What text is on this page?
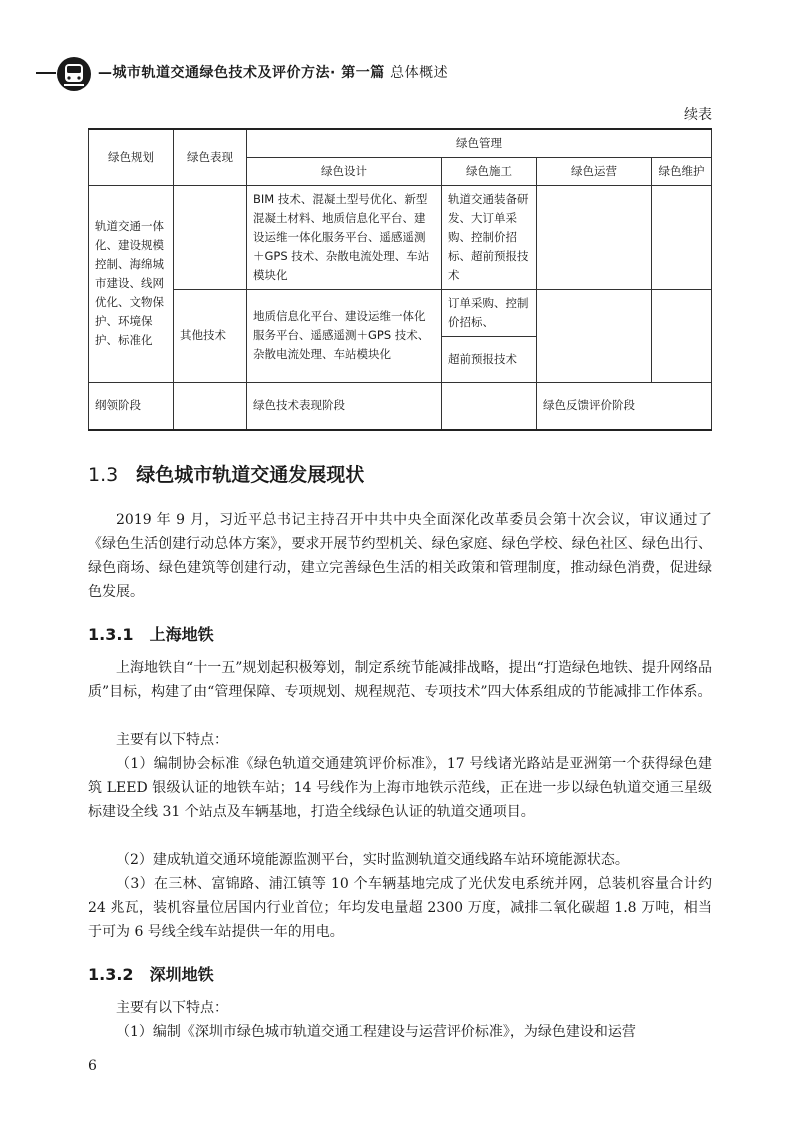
—城市轨道交通绿色技术及评价方法· 第一篇 总体概述
续表
绿色规划	绿色表现	绿色管理			
		绿色设计	绿色施工	绿色运营	绿色维护
轨道交通一体化、建设规模控制、海绵城市建设、线网优化、文物保护、环境保护、标准化		BIM 技术、混凝土型号优化、新型混凝土材料、地质信息化平台、建设运维一体化服务平台、遥感遥测＋GPS 技术、杂散电流处理、车站模块化	轨道交通装备研发、大订单采购、控制价招标、超前预报技术		
	其他技术	地质信息化平台、建设运维一体化服务平台、遥感遥测＋GPS 技术、杂散电流处理、车站模块化	订单采购、控制价招标、		
			超前预报技术		
纲领阶段		绿色技术表现阶段		绿色反馈评价阶段	
1.3 绿色城市轨道交通发展现状

2019 年 9 月，习近平总书记主持召开中共中央全面深化改革委员会第十次会议，审议通过了《绿色生活创建行动总体方案》，要求开展节约型机关、绿色家庭、绿色学校、绿色社区、绿色出行、绿色商场、绿色建筑等创建行动，建立完善绿色生活的相关政策和管理制度，推动绿色消费，促进绿色发展。

1.3.1 上海地铁

上海地铁自“十一五”规划起积极筹划，制定系统节能减排战略，提出“打造绿色地铁、提升网络品质”目标，构建了由“管理保障、专项规划、规程规范、专项技术”四大体系组成的节能减排工作体系。

主要有以下特点：

（1）编制协会标准《绿色轨道交通建筑评价标准》，17 号线诸光路站是亚洲第一个获得绿色建筑 LEED 银级认证的地铁车站；14 号线作为上海市地铁示范线，正在进一步以绿色轨道交通三星级标建设全线 31 个站点及车辆基地，打造全线绿色认证的轨道交通项目。

（2）建成轨道交通环境能源监测平台，实时监测轨道交通线路车站环境能源状态。

（3）在三林、富锦路、浦江镇等 10 个车辆基地完成了光伏发电系统并网，总装机容量合计约 24 兆瓦，装机容量位居国内行业首位；年均发电量超 2300 万度，减排二氧化碳超 1.8 万吨，相当于可为 6 号线全线车站提供一年的用电。

1.3.2 深圳地铁

主要有以下特点：

（1）编制《深圳市绿色城市轨道交通工程建设与运营评价标准》，为绿色建设和运营

6
